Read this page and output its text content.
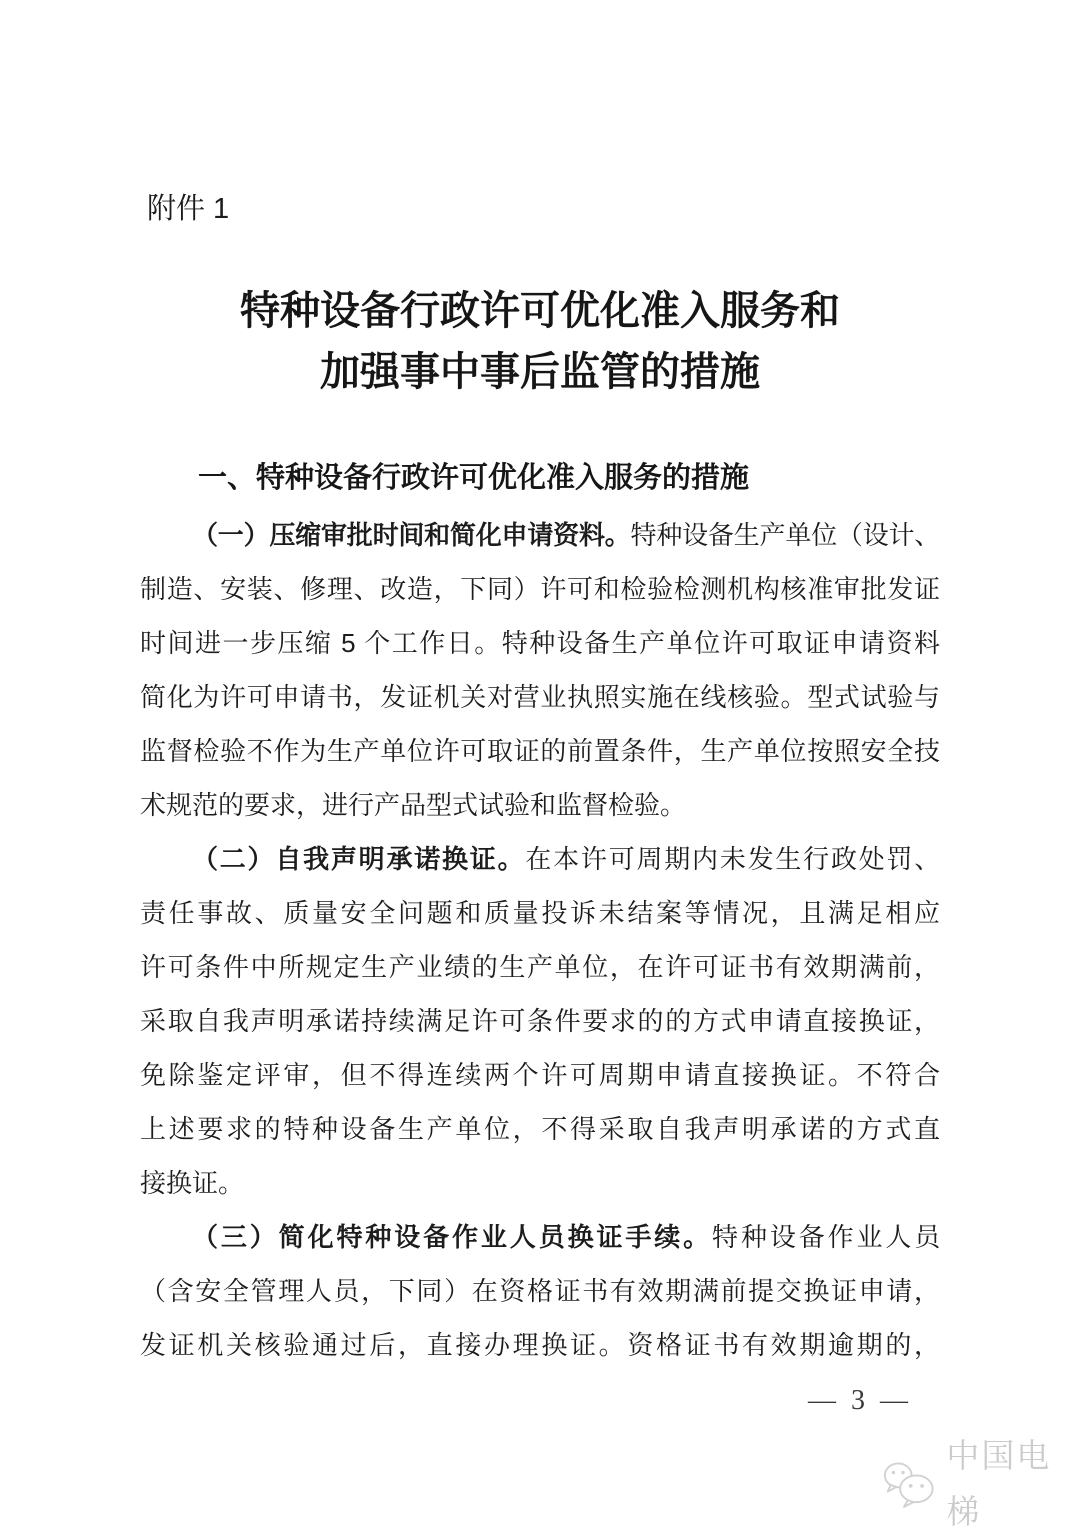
附件 1
特种设备行政许可优化准入服务和
加强事中事后监管的措施
一、特种设备行政许可优化准入服务的措施
（一）压缩审批时间和简化申请资料。特种设备生产单位（设计、
制造、安装、修理、改造，下同）许可和检验检测机构核准审批发证
时间进一步压缩 5 个工作日。特种设备生产单位许可取证申请资料
简化为许可申请书，发证机关对营业执照实施在线核验。型式试验与
监督检验不作为生产单位许可取证的前置条件，生产单位按照安全技
术规范的要求，进行产品型式试验和监督检验。
（二）自我声明承诺换证。在本许可周期内未发生行政处罚、
责任事故、质量安全问题和质量投诉未结案等情况，且满足相应
许可条件中所规定生产业绩的生产单位，在许可证书有效期满前，
采取自我声明承诺持续满足许可条件要求的的方式申请直接换证，
免除鉴定评审，但不得连续两个许可周期申请直接换证。不符合
上述要求的特种设备生产单位，不得采取自我声明承诺的方式直
接换证。
（三）简化特种设备作业人员换证手续。特种设备作业人员
（含安全管理人员，下同）在资格证书有效期满前提交换证申请，
发证机关核验通过后，直接办理换证。资格证书有效期逾期的，
— 3 —
中国电梯
